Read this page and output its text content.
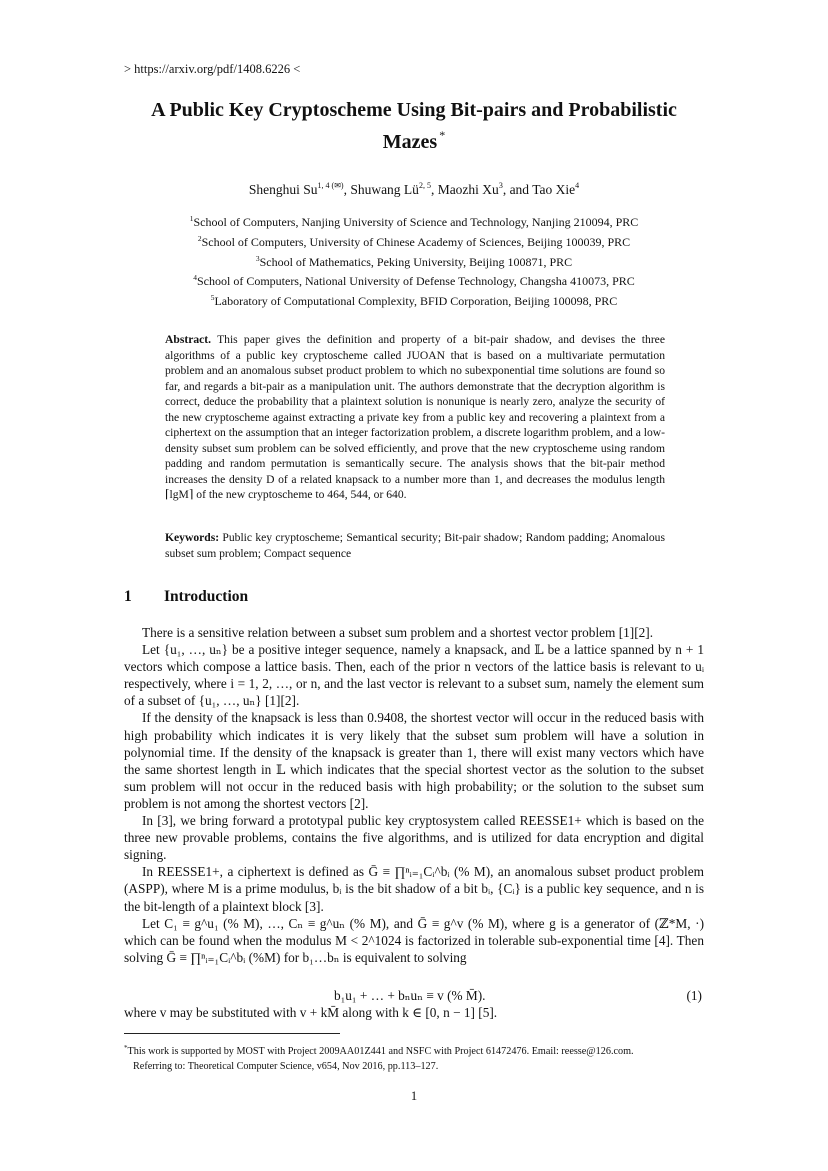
> https://arxiv.org/pdf/1408.6226 <
A Public Key Cryptoscheme Using Bit-pairs and Probabilistic Mazes *
Shenghui $Su^{1, 4 (✉)}$, Shuwang Lü$^{2, 5}$, Maozhi Xu$^3$, and Tao Xie$^4$
$^1$School of Computers, Nanjing University of Science and Technology, Nanjing 210094, PRC
$^2$School of Computers, University of Chinese Academy of Sciences, Beijing 100039, PRC
$^3$School of Mathematics, Peking University, Beijing 100871, PRC
$^4$School of Computers, National University of Defense Technology, Changsha 410073, PRC
$^5$Laboratory of Computational Complexity, BFID Corporation, Beijing 100098, PRC
Abstract. This paper gives the definition and property of a bit-pair shadow, and devises the three algorithms of a public key cryptoscheme called JUOAN that is based on a multivariate permutation problem and an anomalous subset product problem to which no subexponential time solutions are found so far, and regards a bit-pair as a manipulation unit. The authors demonstrate that the decryption algorithm is correct, deduce the probability that a plaintext solution is nonunique is nearly zero, analyze the security of the new cryptoscheme against extracting a private key from a public key and recovering a plaintext from a ciphertext on the assumption that an integer factorization problem, a discrete logarithm problem, and a low-density subset sum problem can be solved efficiently, and prove that the new cryptoscheme using random padding and random permutation is semantically secure. The analysis shows that the bit-pair method increases the density D of a related knapsack to a number more than 1, and decreases the modulus length ⌈lgM⌉ of the new cryptoscheme to 464, 544, or 640.
Keywords: Public key cryptoscheme; Semantical security; Bit-pair shadow; Random padding; Anomalous subset sum problem; Compact sequence
1 Introduction

There is a sensitive relation between a subset sum problem and a shortest vector problem [1][2].

Let {u₁, …, uₙ} be a positive integer sequence, namely a knapsack, and 𝕃 be a lattice spanned by n + 1 vectors which compose a lattice basis. Then, each of the prior n vectors of the lattice basis is relevant to uᵢ respectively, where i = 1, 2, …, or n, and the last vector is relevant to a subset sum, namely the element sum of a subset of {u₁, …, uₙ} [1][2].

If the density of the knapsack is less than 0.9408, the shortest vector will occur in the reduced basis with high probability which indicates it is very likely that the subset sum problem will have a solution in polynomial time. If the density of the knapsack is greater than 1, there will exist many vectors which have the same shortest length in 𝕃 which indicates that the special shortest vector as the solution to the subset sum problem will not occur in the reduced basis with high probability; or the solution to the subset sum problem is not among the shortest vectors [2].

In [3], we bring forward a prototypal public key cryptosystem called REESSE1+ which is based on the three new provable problems, contains the five algorithms, and is utilized for data encryption and digital signing.

In REESSE1+, a ciphertext is defined as Ḡ ≡ ∏ⁿᵢ₌₁Cᵢ^bᵢ (% M), an anomalous subset product problem (ASPP), where M is a prime modulus, bᵢ is the bit shadow of a bit bᵢ, {Cᵢ} is a public key sequence, and n is the bit-length of a plaintext block [3].

Let C₁ ≡ g^u₁ (% M), …, Cₙ ≡ g^uₙ (% M), and Ḡ ≡ g^v (% M), where g is a generator of (ℤ*M, ·) which can be found when the modulus M < 2^1024 is factorized in tolerable sub-exponential time [4]. Then solving Ḡ ≡ ∏ⁿᵢ₌₁Cᵢ^bᵢ (%M) for b₁…bₙ is equivalent to solving

b₁u₁ + … + bₙuₙ ≡ v (% M̄).	(1)
where v may be substituted with v + kM̄ along with k ∈ [0, n − 1] [5].
*This work is supported by MOST with Project 2009AA01Z441 and NSFC with Project 61472476. Email: reesse@126.com.
Referring to: Theoretical Computer Science, v654, Nov 2016, pp.113–127.
1
